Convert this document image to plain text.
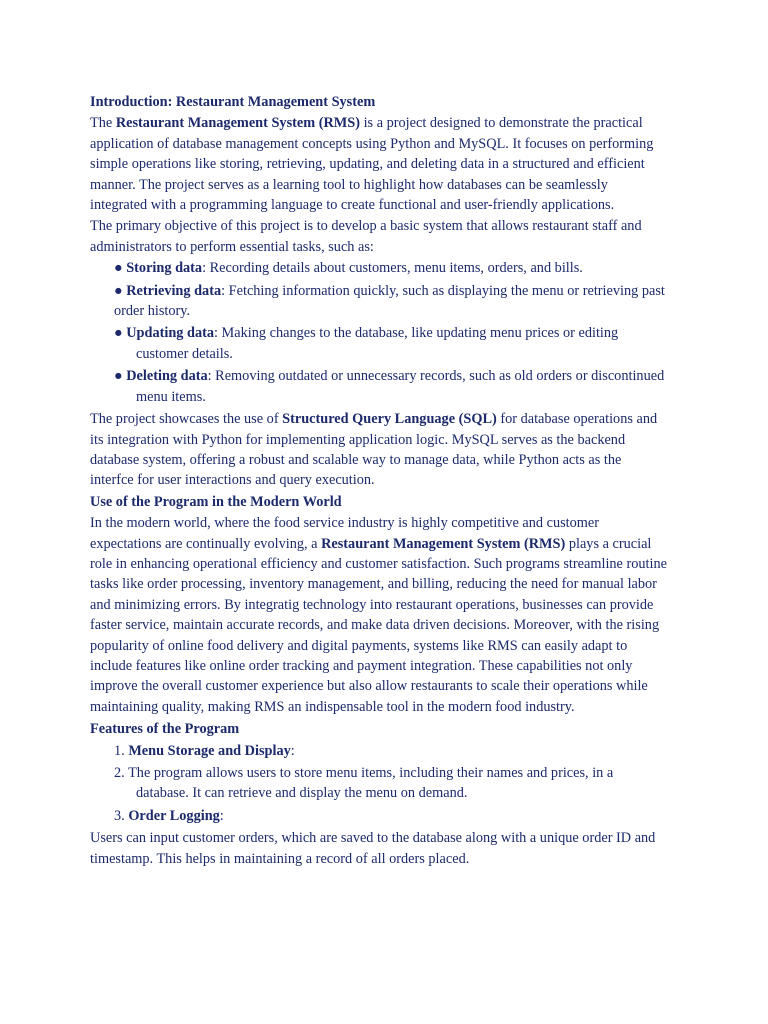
Introduction: Restaurant Management System

The Restaurant Management System (RMS) is a project designed to demonstrate the practical application of database management concepts using Python and MySQL. It focuses on performing simple operations like storing, retrieving, updating, and deleting data in a structured and efficient manner. The project serves as a learning tool to highlight how databases can be seamlessly integrated with a programming language to create functional and user-friendly applications.

The primary objective of this project is to develop a basic system that allows restaurant staff and administrators to perform essential tasks, such as:

● Storing data: Recording details about customers, menu items, orders, and bills.
● Retrieving data: Fetching information quickly, such as displaying the menu or retrieving past order history.
● Updating data: Making changes to the database, like updating menu prices or editing customer details.
● Deleting data: Removing outdated or unnecessary records, such as old orders or discontinued menu items.

The project showcases the use of Structured Query Language (SQL) for database operations and its integration with Python for implementing application logic. MySQL serves as the backend database system, offering a robust and scalable way to manage data, while Python acts as the interfce for user interactions and query execution.

Use of the Program in the Modern World

In the modern world, where the food service industry is highly competitive and customer expectations are continually evolving, a Restaurant Management System (RMS) plays a crucial role in enhancing operational efficiency and customer satisfaction. Such programs streamline routine tasks like order processing, inventory management, and billing, reducing the need for manual labor and minimizing errors. By integratig technology into restaurant operations, businesses can provide faster service, maintain accurate records, and make data driven decisions. Moreover, with the rising popularity of online food delivery and digital payments, systems like RMS can easily adapt to include features like online order tracking and payment integration. These capabilities not only improve the overall customer experience but also allow restaurants to scale their operations while maintaining quality, making RMS an indispensable tool in the modern food industry.

Features of the Program
1. Menu Storage and Display:
2. The program allows users to store menu items, including their names and prices, in a database. It can retrieve and display the menu on demand.
3. Order Logging:

Users can input customer orders, which are saved to the database along with a unique order ID and timestamp. This helps in maintaining a record of all orders placed.
